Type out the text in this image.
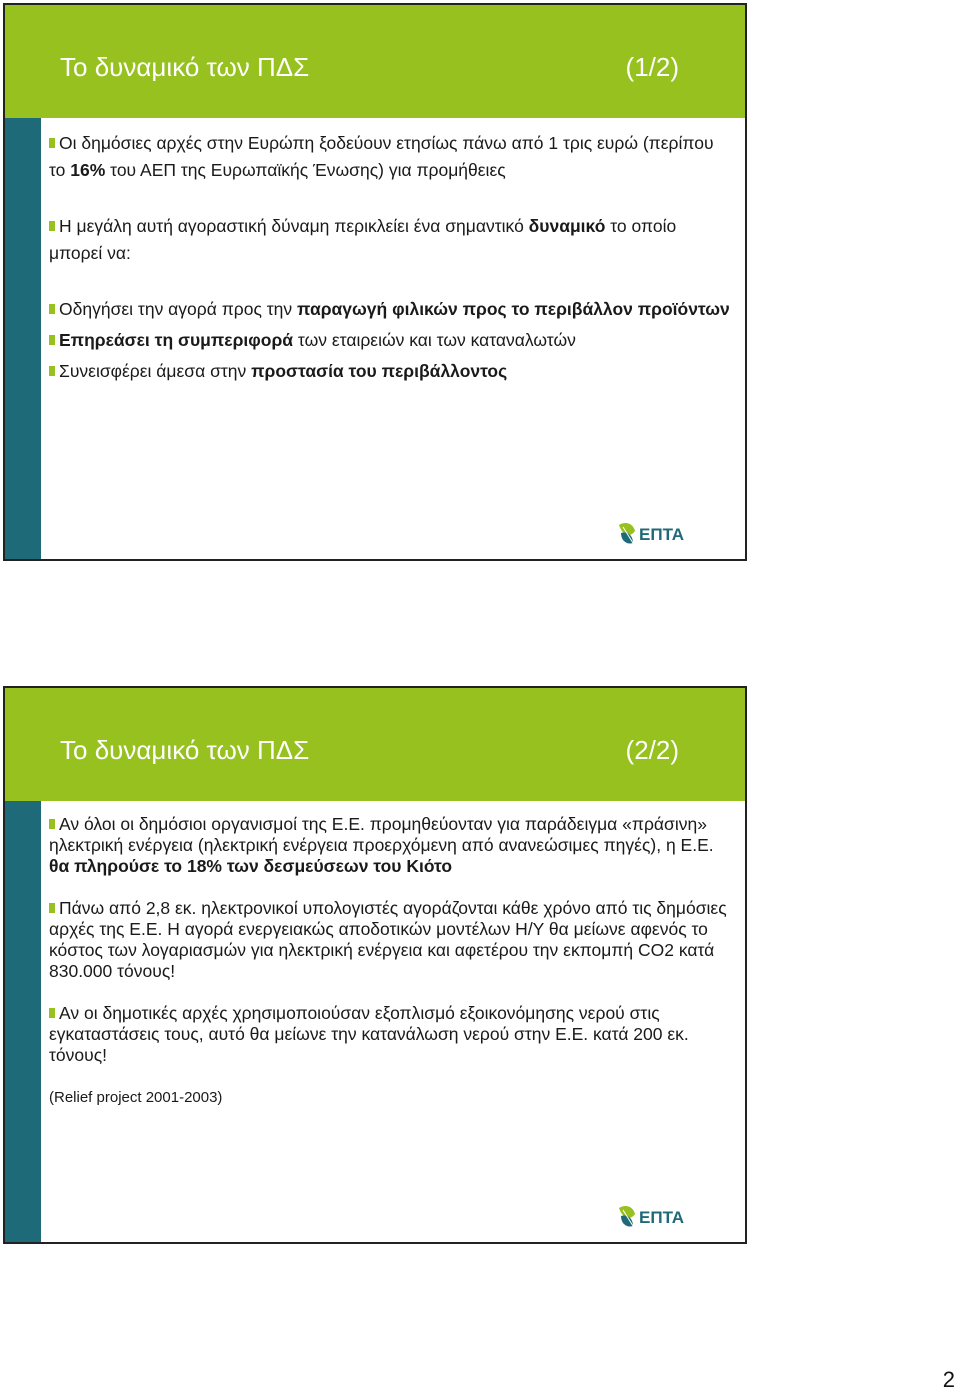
Το δυναμικό των ΠΔΣ	(1/2)

Οι δημόσιες αρχές στην Ευρώπη ξοδεύουν ετησίως πάνω από 1 τρις ευρώ (περίπου το 16% του ΑΕΠ της Ευρωπαϊκής Ένωσης) για προμήθειες

Η μεγάλη αυτή αγοραστική δύναμη περικλείει ένα σημαντικό δυναμικό το οποίο μπορεί να:

Οδηγήσει την αγορά προς την παραγωγή φιλικών προς το περιβάλλον προϊόντων

Επηρεάσει τη συμπεριφορά των εταιρειών και των καταναλωτών

Συνεισφέρει άμεσα στην προστασία του περιβάλλοντος

ΕΠΤΑ
Το δυναμικό των ΠΔΣ	(2/2)

Αν όλοι οι δημόσιοι οργανισμοί της Ε.Ε. προμηθεύονταν για παράδειγμα «πράσινη» ηλεκτρική ενέργεια (ηλεκτρική ενέργεια προερχόμενη από ανανεώσιμες πηγές), η Ε.Ε. θα πληρούσε το 18% των δεσμεύσεων του Κιότο

Πάνω από 2,8 εκ. ηλεκτρονικοί υπολογιστές αγοράζονται κάθε χρόνο από τις δημόσιες αρχές της Ε.Ε. Η αγορά ενεργειακώς αποδοτικών μοντέλων Η/Υ θα μείωνε αφενός το κόστος των λογαριασμών για ηλεκτρική ενέργεια και αφετέρου την εκπομπή CO2 κατά 830.000 τόνους!

Αν οι δημοτικές αρχές χρησιμοποιούσαν εξοπλισμό εξοικονόμησης νερού στις εγκαταστάσεις τους, αυτό θα μείωνε την κατανάλωση νερού στην Ε.Ε. κατά 200 εκ. τόνους!

(Relief project 2001-2003)

ΕΠΤΑ
2
